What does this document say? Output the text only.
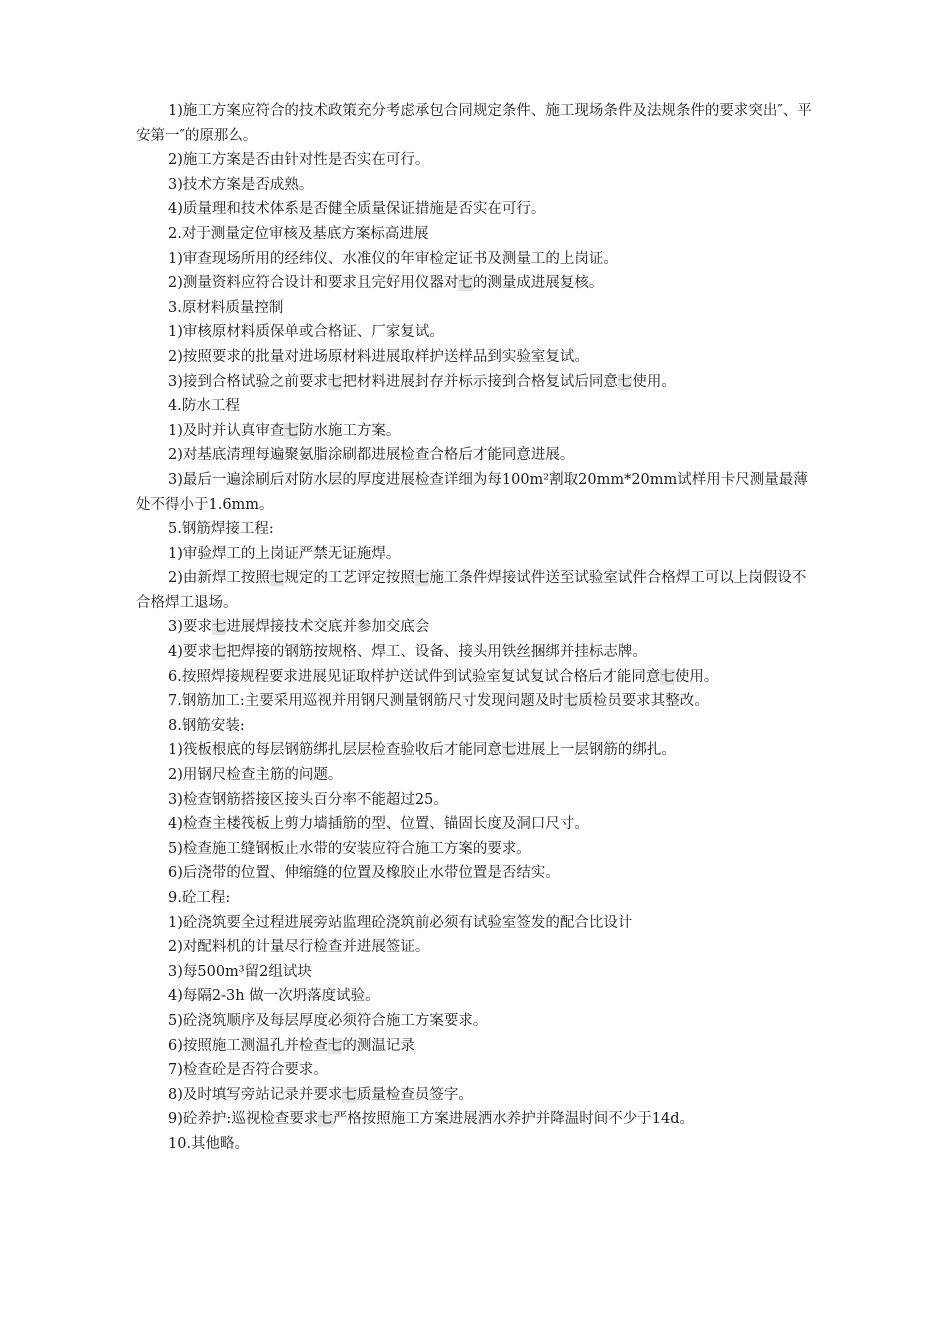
1)施工方案应符合的技术政策充分考虑承包合同规定条件、施工现场条件及法规条件的要求突出″、平安第一″的原那么。

2)施工方案是否由针对性是否实在可行。

3)技术方案是否成熟。

4)质量理和技术体系是否健全质量保证措施是否实在可行。

2.对于测量定位审核及基底方案标高进展

1)审查现场所用的经纬仪、水准仪的年审检定证书及测量工的上岗证。

2)测量资料应符合设计和要求且完好用仪器对七的测量成进展复核。

3.原材料质量控制

1)审核原材料质保单或合格证、厂家复试。

2)按照要求的批量对进场原材料进展取样护送样品到实验室复试。

3)接到合格试验之前要求七把材料进展封存并标示接到合格复试后同意七使用。

4.防水工程

1)及时并认真审查七防水施工方案。

2)对基底清理每遍聚氨脂涂刷都进展检查合格后才能同意进展。

3)最后一遍涂刷后对防水层的厚度进展检查详细为每100m²割取20mm*20mm试样用卡尺测量最薄处不得小于1.6mm。

5.钢筋焊接工程:

1)审验焊工的上岗证严禁无证施焊。

2)由新焊工按照七规定的工艺评定按照七施工条件焊接试件送至试验室试件合格焊工可以上岗假设不合格焊工退场。

3)要求七进展焊接技术交底并参加交底会

4)要求七把焊接的钢筋按规格、焊工、设备、接头用铁丝捆绑并挂标志牌。

6.按照焊接规程要求进展见证取样护送试件到试验室复试复试合格后才能同意七使用。

7.钢筋加工:主要采用巡视并用钢尺测量钢筋尺寸发现问题及时七质检员要求其整改。

8.钢筋安装:

1)筏板根底的每层钢筋绑扎层层检查验收后才能同意七进展上一层钢筋的绑扎。

2)用钢尺检查主筋的问题。

3)检查钢筋搭接区接头百分率不能超过25。

4)检查主楼筏板上剪力墙插筋的型、位置、锚固长度及洞口尺寸。

5)检查施工缝钢板止水带的安装应符合施工方案的要求。

6)后浇带的位置、伸缩缝的位置及橡胶止水带位置是否结实。

9.砼工程:

1)砼浇筑要全过程进展旁站监理砼浇筑前必须有试验室签发的配合比设计

2)对配料机的计量尽行检查并进展签证。

3)每500m³留2组试块

4)每隔2-3h 做一次坍落度试验。

5)砼浇筑顺序及每层厚度必须符合施工方案要求。

6)按照施工测温孔并检查七的测温记录

7)检查砼是否符合要求。

8)及时填写旁站记录并要求七质量检查员签字。

9)砼养护:巡视检查要求七严格按照施工方案进展洒水养护并降温时间不少于14d。

10.其他略。
